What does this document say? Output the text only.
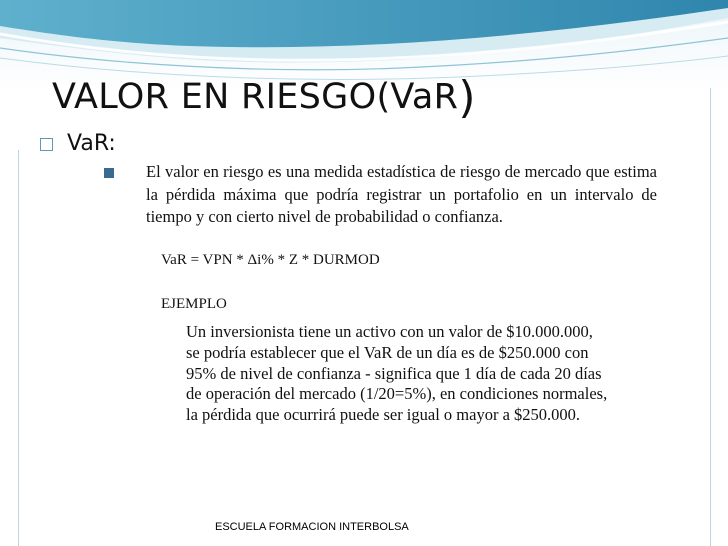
VALOR EN RIESGO(VaR)
VaR:
El valor en riesgo es una medida estadística de riesgo de mercado que estima la pérdida máxima que podría registrar un portafolio en un intervalo de tiempo y con cierto nivel de probabilidad o confianza.
VaR = VPN * Δi% * Z * DURMOD
EJEMPLO
Un inversionista tiene un activo con un valor de $10.000.000,
se podría establecer que el VaR de un día es de $250.000 con
95% de nivel de confianza - significa que 1 día de cada 20 días
de operación del mercado (1/20=5%), en condiciones normales,
la pérdida que ocurrirá puede ser igual o mayor a $250.000.
ESCUELA FORMACION INTERBOLSA
